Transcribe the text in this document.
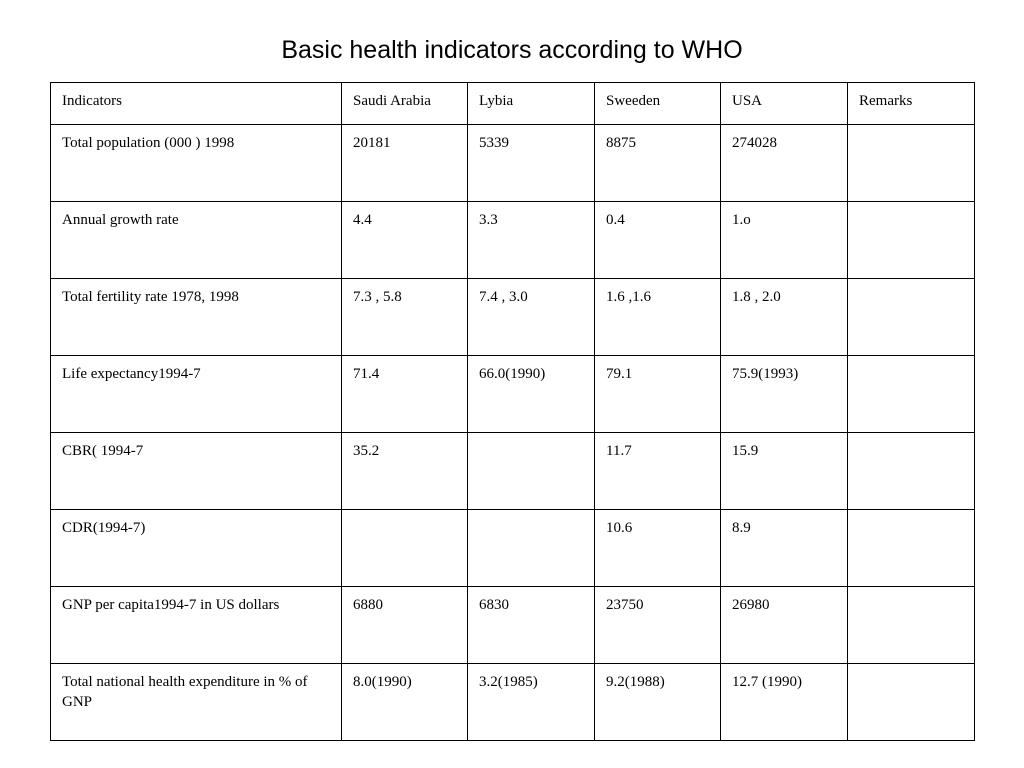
Basic health indicators according to WHO
Indicators	Saudi Arabia	Lybia	Sweeden	USA	Remarks
Total population (000 ) 1998	20181	5339	8875	274028	
Annual growth rate	4.4	3.3	0.4	1.o	
Total fertility rate 1978, 1998	7.3 , 5.8	7.4 , 3.0	1.6 ,1.6	1.8 , 2.0	
Life expectancy1994-7	71.4	66.0(1990)	79.1	75.9(1993)	
CBR( 1994-7	35.2		11.7	15.9	
CDR(1994-7)			10.6	8.9	
GNP per capita1994-7 in US dollars	6880	6830	23750	26980	
Total national health expenditure in % of GNP	8.0(1990)	3.2(1985)	9.2(1988)	12.7 (1990)	
